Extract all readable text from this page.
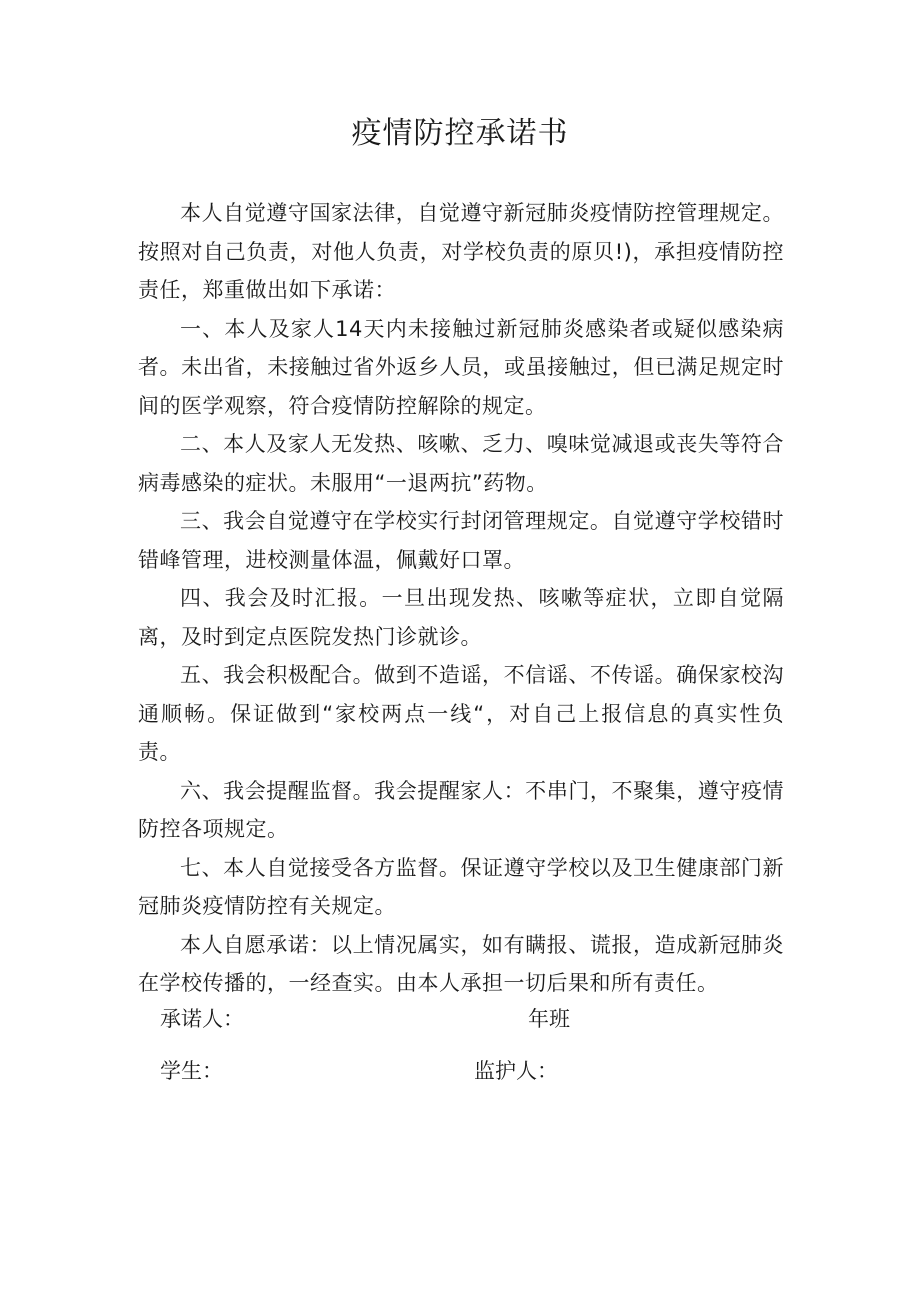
疫情防控承诺书

本人自觉遵守国家法律，自觉遵守新冠肺炎疫情防控管理规定。按照对自己负责，对他人负责，对学校负责的原贝!)，承担疫情防控责任，郑重做出如下承诺：

一、本人及家人14天内未接触过新冠肺炎感染者或疑似感染病者。未出省，未接触过省外返乡人员，或虽接触过，但已满足规定时间的医学观察，符合疫情防控解除的规定。

二、本人及家人无发热、咳嗽、乏力、嗅味觉减退或丧失等符合病毒感染的症状。未服用“一退两抗”药物。

三、我会自觉遵守在学校实行封闭管理规定。自觉遵守学校错时错峰管理，进校测量体温，佩戴好口罩。

四、我会及时汇报。一旦出现发热、咳嗽等症状，立即自觉隔离，及时到定点医院发热门诊就诊。

五、我会积极配合。做到不造谣，不信谣、不传谣。确保家校沟通顺畅。保证做到“家校两点一线“，对自己上报信息的真实性负责。

六、我会提醒监督。我会提醒家人：不串门，不聚集，遵守疫情防控各项规定。

七、本人自觉接受各方监督。保证遵守学校以及卫生健康部门新冠肺炎疫情防控有关规定。

本人自愿承诺：以上情况属实，如有瞒报、谎报，造成新冠肺炎在学校传播的，一经查实。由本人承担一切后果和所有责任。

承诺人：	年班
学生：	监护人：
